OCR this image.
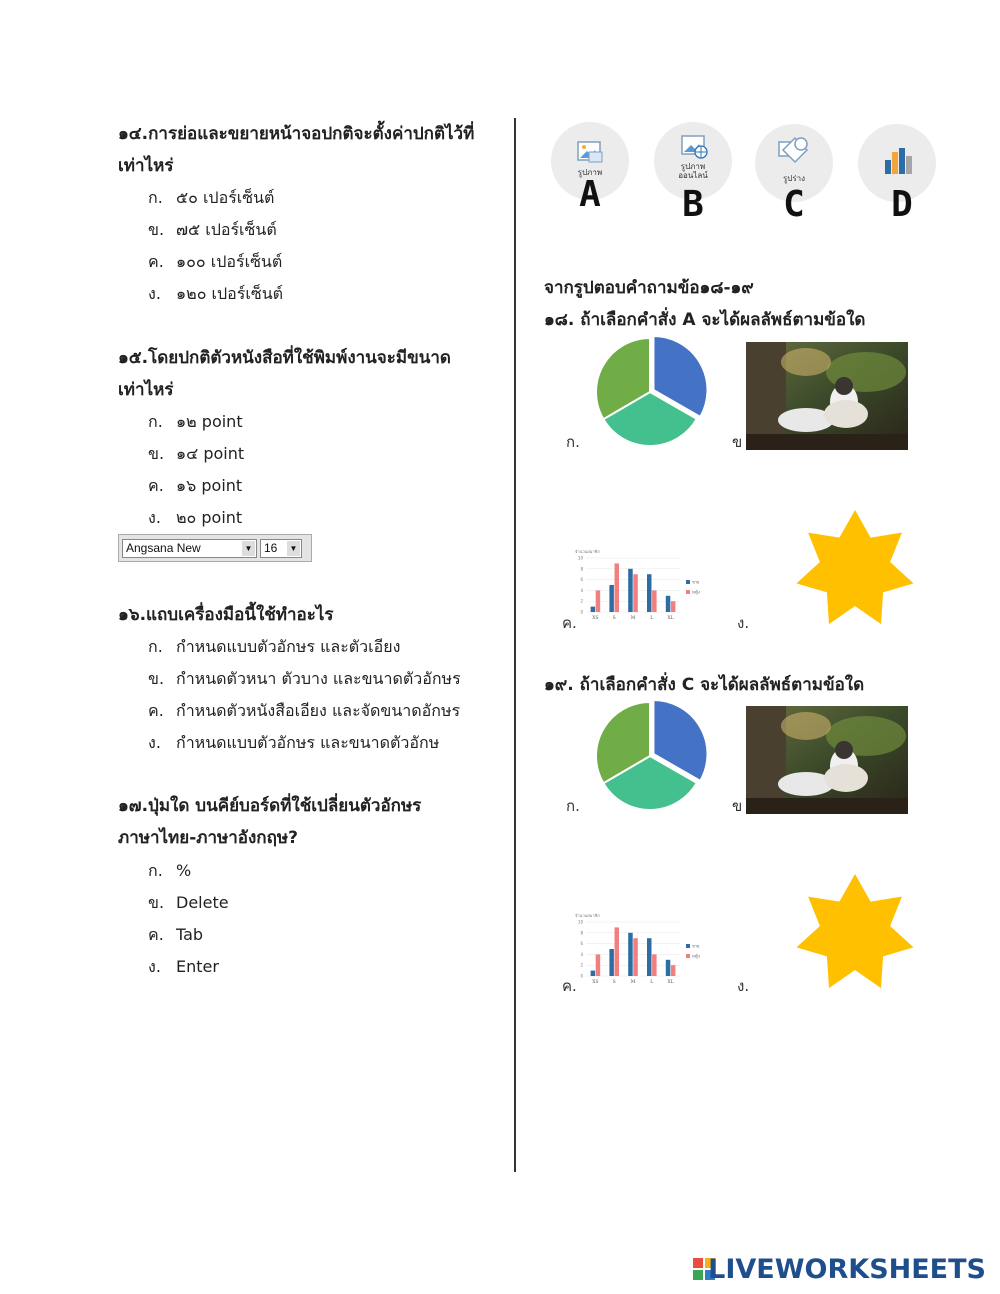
๑๔.การย่อและขยายหน้าจอปกติจะตั้งค่าปกติไว้ที่
เท่าไหร่
ก. ๕๐ เปอร์เซ็นต์
ข. ๗๕ เปอร์เซ็นต์
ค. ๑๐๐ เปอร์เซ็นต์
ง. ๑๒๐ เปอร์เซ็นต์
๑๕.โดยปกติตัวหนังสือที่ใช้พิมพ์งานจะมีขนาด
เท่าไหร่
ก. ๑๒ point
ข. ๑๔ point
ค. ๑๖ point
ง. ๒๐ point
Angsana New	▼ 16	▼
๑๖.แถบเครื่องมือนี้ใช้ทำอะไร
ก. กำหนดแบบตัวอักษร และตัวเอียง
ข. กำหนดตัวหนา ตัวบาง และขนาดตัวอักษร
ค. กำหนดตัวหนังสือเอียง และจัดขนาดอักษร
ง. กำหนดแบบตัวอักษร และขนาดตัวอักษ
๑๗.ปุ่มใด บนคีย์บอร์ดที่ใช้เปลี่ยนตัวอักษร
ภาษาไทย-ภาษาอังกฤษ?
ก. %
ข. Delete
ค. Tab
ง. Enter
รูปภาพ
A
รูปภาพ
ออนไลน์
B
รูปร่าง
C	D
จากรูปตอบคำถามข้อ๑๘-๑๙
๑๘. ถ้าเลือกคำสั่ง A จะได้ผลลัพธ์ตามข้อใด
ก.	ข
จำนวนสมาชิก
0
2
4
6
8
10
XS	S	M	L	XL
ชาย
หญิง
ค.	ง.
๑๙. ถ้าเลือกคำสั่ง C จะได้ผลลัพธ์ตามข้อใด
ก.	ข
จำนวนสมาชิก
0
2
4
6
8
10
XS	S	M	L	XL
ชาย
หญิง
ค.	ง.
LIVEWORKSHEETS
